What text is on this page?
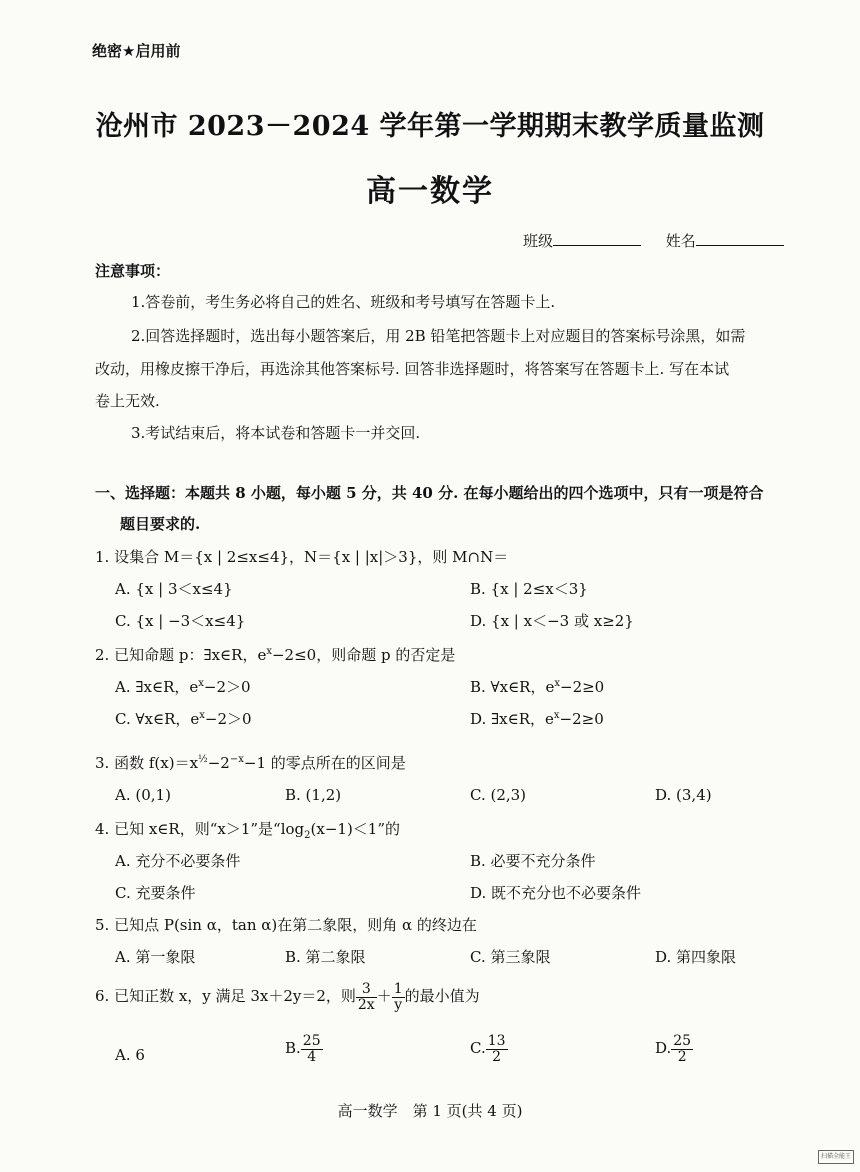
绝密★启用前
沧州市 2023－2024 学年第一学期期末教学质量监测
高一数学
班级	姓名
注意事项：
1.答卷前，考生务必将自己的姓名、班级和考号填写在答题卡上.
2.回答选择题时，选出每小题答案后，用 2B 铅笔把答题卡上对应题目的答案标号涂黑，如需
改动，用橡皮擦干净后，再选涂其他答案标号. 回答非选择题时，将答案写在答题卡上. 写在本试
卷上无效.
3.考试结束后，将本试卷和答题卡一并交回.
一、选择题：本题共 8 小题，每小题 5 分，共 40 分. 在每小题给出的四个选项中，只有一项是符合
题目要求的.
1. 设集合 M＝{x | 2≤x≤4}，N＝{x | |x|＞3}，则 M∩N＝
A. {x | 3＜x≤4}	B. {x | 2≤x＜3}
C. {x | −3＜x≤4}	D. {x | x＜−3 或 x≥2}
2. 已知命题 p：∃x∈R，$e^x-2\le 0$，则命题 p 的否定是
A. ∃x∈R，$e^x-2>0$	B. ∀x∈R，$e^x-2\ge 0$
C. ∀x∈R，$e^x-2>0$	D. ∃x∈R，$e^x-2\ge 0$
3. 函数 $f(x)=x^{\frac{1}{2}}-2^{-x}-1$ 的零点所在的区间是
A. (0,1)	B. (1,2)	C. (2,3)	D. (3,4)
4. 已知 x∈R，则“x＞1”是“$\log_2(x-1)<1$”的
A. 充分不必要条件	B. 必要不充分条件
C. 充要条件	D. 既不充分也不必要条件
5. 已知点 P(sin α，tan α)在第二象限，则角 α 的终边在
A. 第一象限	B. 第二象限	C. 第三象限	D. 第四象限
6. 已知正数 x，y 满足 3x＋2y＝2，则 $\frac{3}{2x} + \frac{1}{y}$ 的最小值为
A. 6	B. $\frac{25}{4}$	C. $\frac{13}{2}$	D. $\frac{25}{2}$
高一数学　第 1 页(共 4 页)
扫描全能王
